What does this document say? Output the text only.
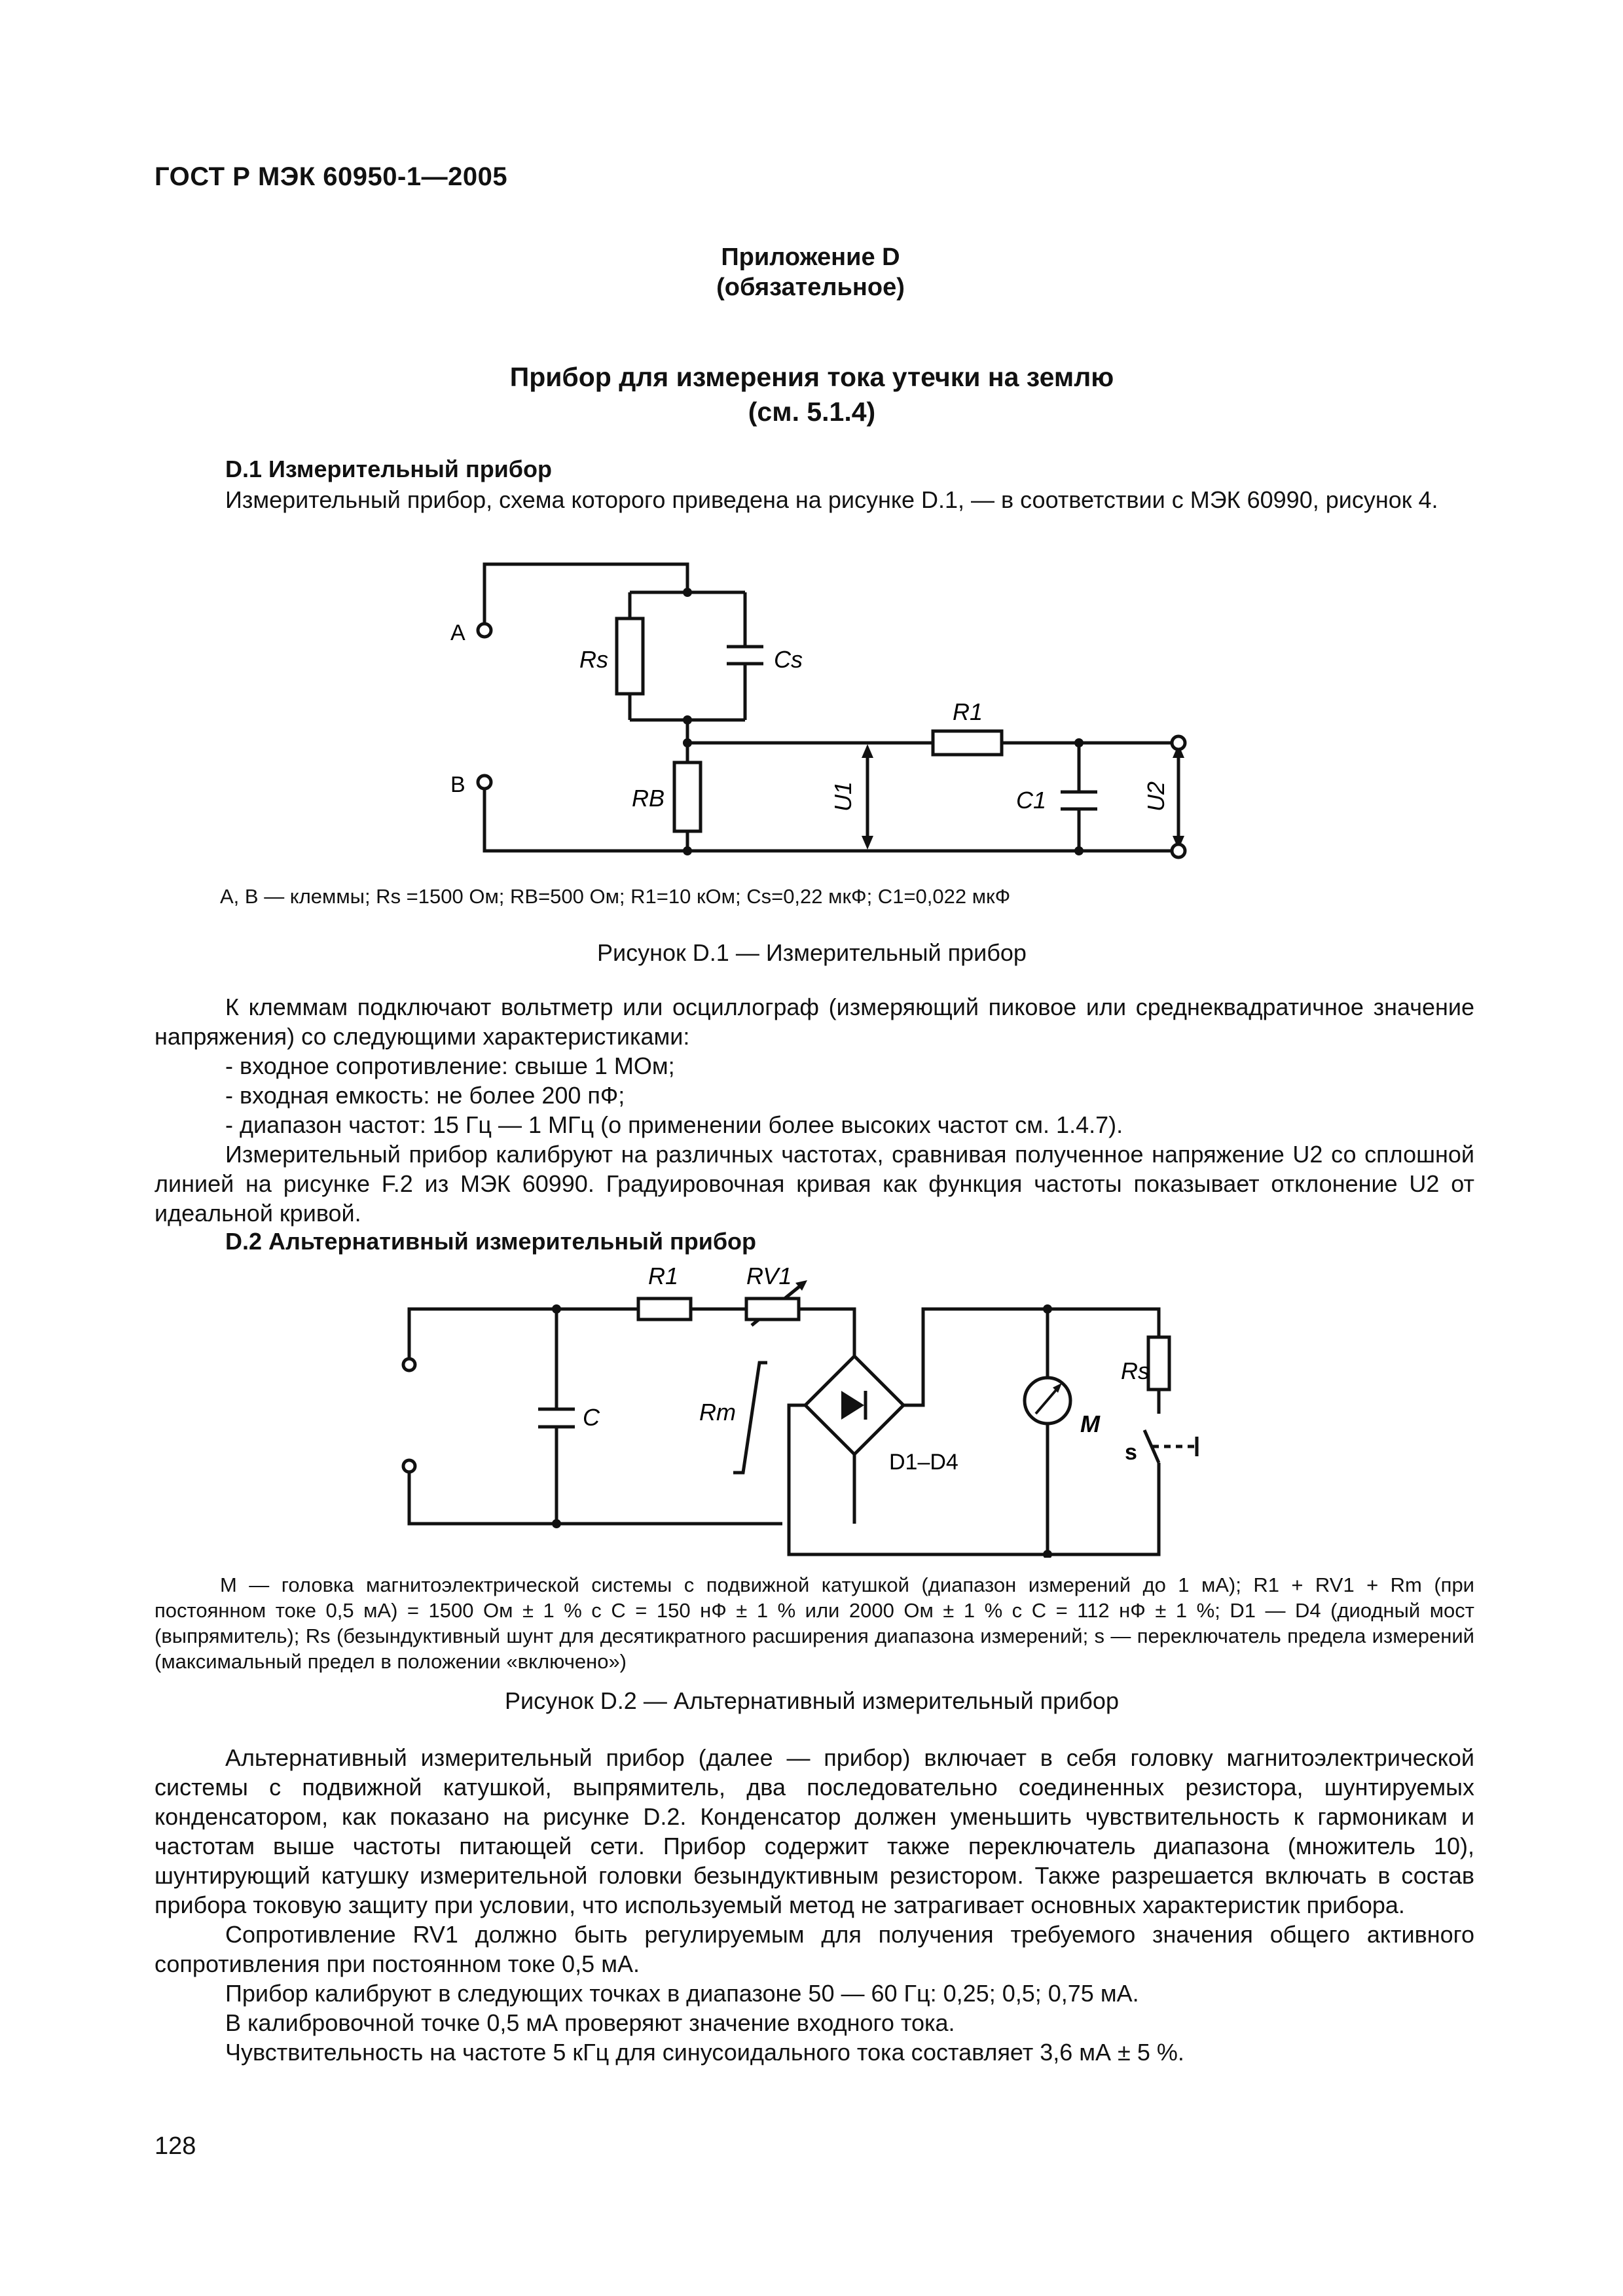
ГОСТ Р МЭК 60950-1—2005
Приложение D
(обязательное)
Прибор для измерения тока утечки на землю
(см. 5.1.4)
D.1 Измерительный прибор
Измерительный прибор, схема которого приведена на рисунке D.1, — в соответствии с МЭК 60990, рисунок 4.
A
B
Rs	Cs
R1
RB	U1	C1	U2
A, B — клеммы; Rs =1500 Ом; RB=500 Ом; R1=10 кОм; Cs=0,22 мкФ; C1=0,022 мкФ
Рисунок D.1 — Измерительный прибор
К клеммам подключают вольтметр или осциллограф (измеряющий пиковое или среднеквадратичное значение напряжения) со следующими характеристиками:
- входное сопротивление: свыше 1 МОм;
- входная емкость: не более 200 пФ;
- диапазон частот: 15 Гц — 1 МГц (о применении более высоких частот см. 1.4.7).
Измерительный прибор калибруют на различных частотах, сравнивая полученное напряжение U2 со сплошной линией на рисунке F.2 из МЭК 60990. Градуировочная кривая как функция частоты показывает отклонение U2 от идеальной кривой.
D.2 Альтернативный измерительный прибор
R1	RV1
C	Rm
D1–D4
M
Rs
s
M — головка магнитоэлектрической системы с подвижной катушкой (диапазон измерений до 1 мА); R1 + RV1 + Rm (при постоянном токе 0,5 мА) = 1500 Ом ± 1 % с C = 150 нФ ± 1 % или 2000 Ом ± 1 % с C = 112 нФ ± 1 %; D1 — D4 (диодный мост (выпрямитель); Rs (безындуктивный шунт для десятикратного расширения диапазона измерений; s — переключатель предела измерений (максимальный предел в положении «включено»)
Рисунок D.2 — Альтернативный измерительный прибор
Альтернативный измерительный прибор (далее — прибор) включает в себя головку магнитоэлектрической системы с подвижной катушкой, выпрямитель, два последовательно соединенных резистора, шунтируемых конденсатором, как показано на рисунке D.2. Конденсатор должен уменьшить чувствительность к гармоникам и частотам выше частоты питающей сети. Прибор содержит также переключатель диапазона (множитель 10), шунтирующий катушку измерительной головки безындуктивным резистором. Также разрешается включать в состав прибора токовую защиту при условии, что используемый метод не затрагивает основных характеристик прибора.
Сопротивление RV1 должно быть регулируемым для получения требуемого значения общего активного сопротивления при постоянном токе 0,5 мА.
Прибор калибруют в следующих точках в диапазоне 50 — 60 Гц: 0,25; 0,5; 0,75 мА.
В калибровочной точке 0,5 мА проверяют значение входного тока.
Чувствительность на частоте 5 кГц для синусоидального тока составляет 3,6 мА ± 5 %.
128
